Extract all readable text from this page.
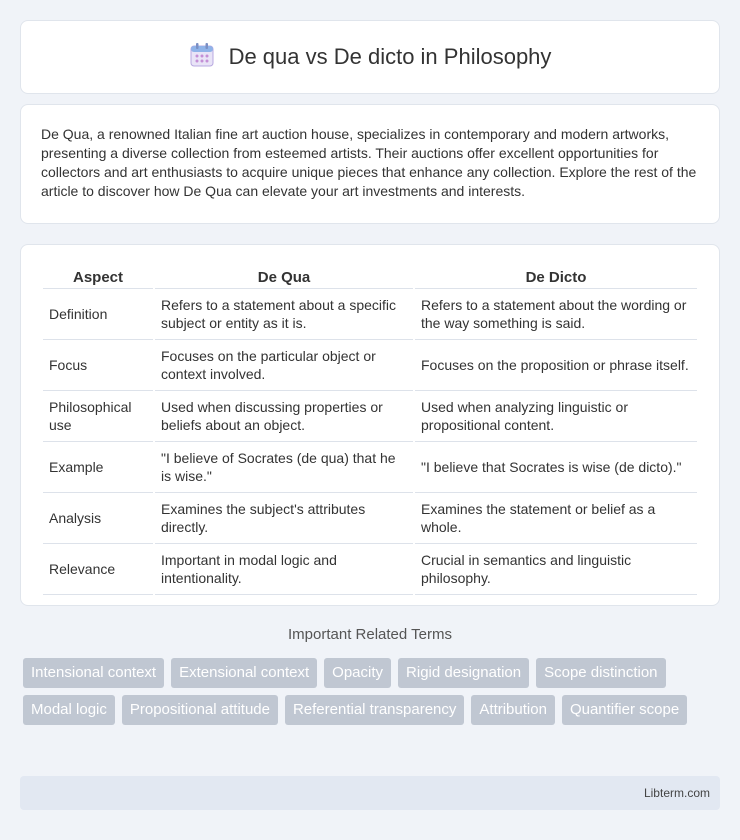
De qua vs De dicto in Philosophy

De Qua, a renowned Italian fine art auction house, specializes in contemporary and modern artworks, presenting a diverse collection from esteemed artists. Their auctions offer excellent opportunities for collectors and art enthusiasts to acquire unique pieces that enhance any collection. Explore the rest of the article to discover how De Qua can elevate your art investments and interests.

Aspect	De Qua	De Dicto
Definition	Refers to a statement about a specific subject or entity as it is.	Refers to a statement about the wording or the way something is said.
Focus	Focuses on the particular object or context involved.	Focuses on the proposition or phrase itself.
Philosophical use	Used when discussing properties or beliefs about an object.	Used when analyzing linguistic or propositional content.
Example	"I believe of Socrates (de qua) that he is wise."	"I believe that Socrates is wise (de dicto)."
Analysis	Examines the subject's attributes directly.	Examines the statement or belief as a whole.
Relevance	Important in modal logic and intentionality.	Crucial in semantics and linguistic philosophy.
Important Related Terms
Intensional context	Extensional context	Opacity	Rigid designation	Scope distinction
Modal logic	Propositional attitude	Referential transparency	Attribution	Quantifier scope
Libterm.com
